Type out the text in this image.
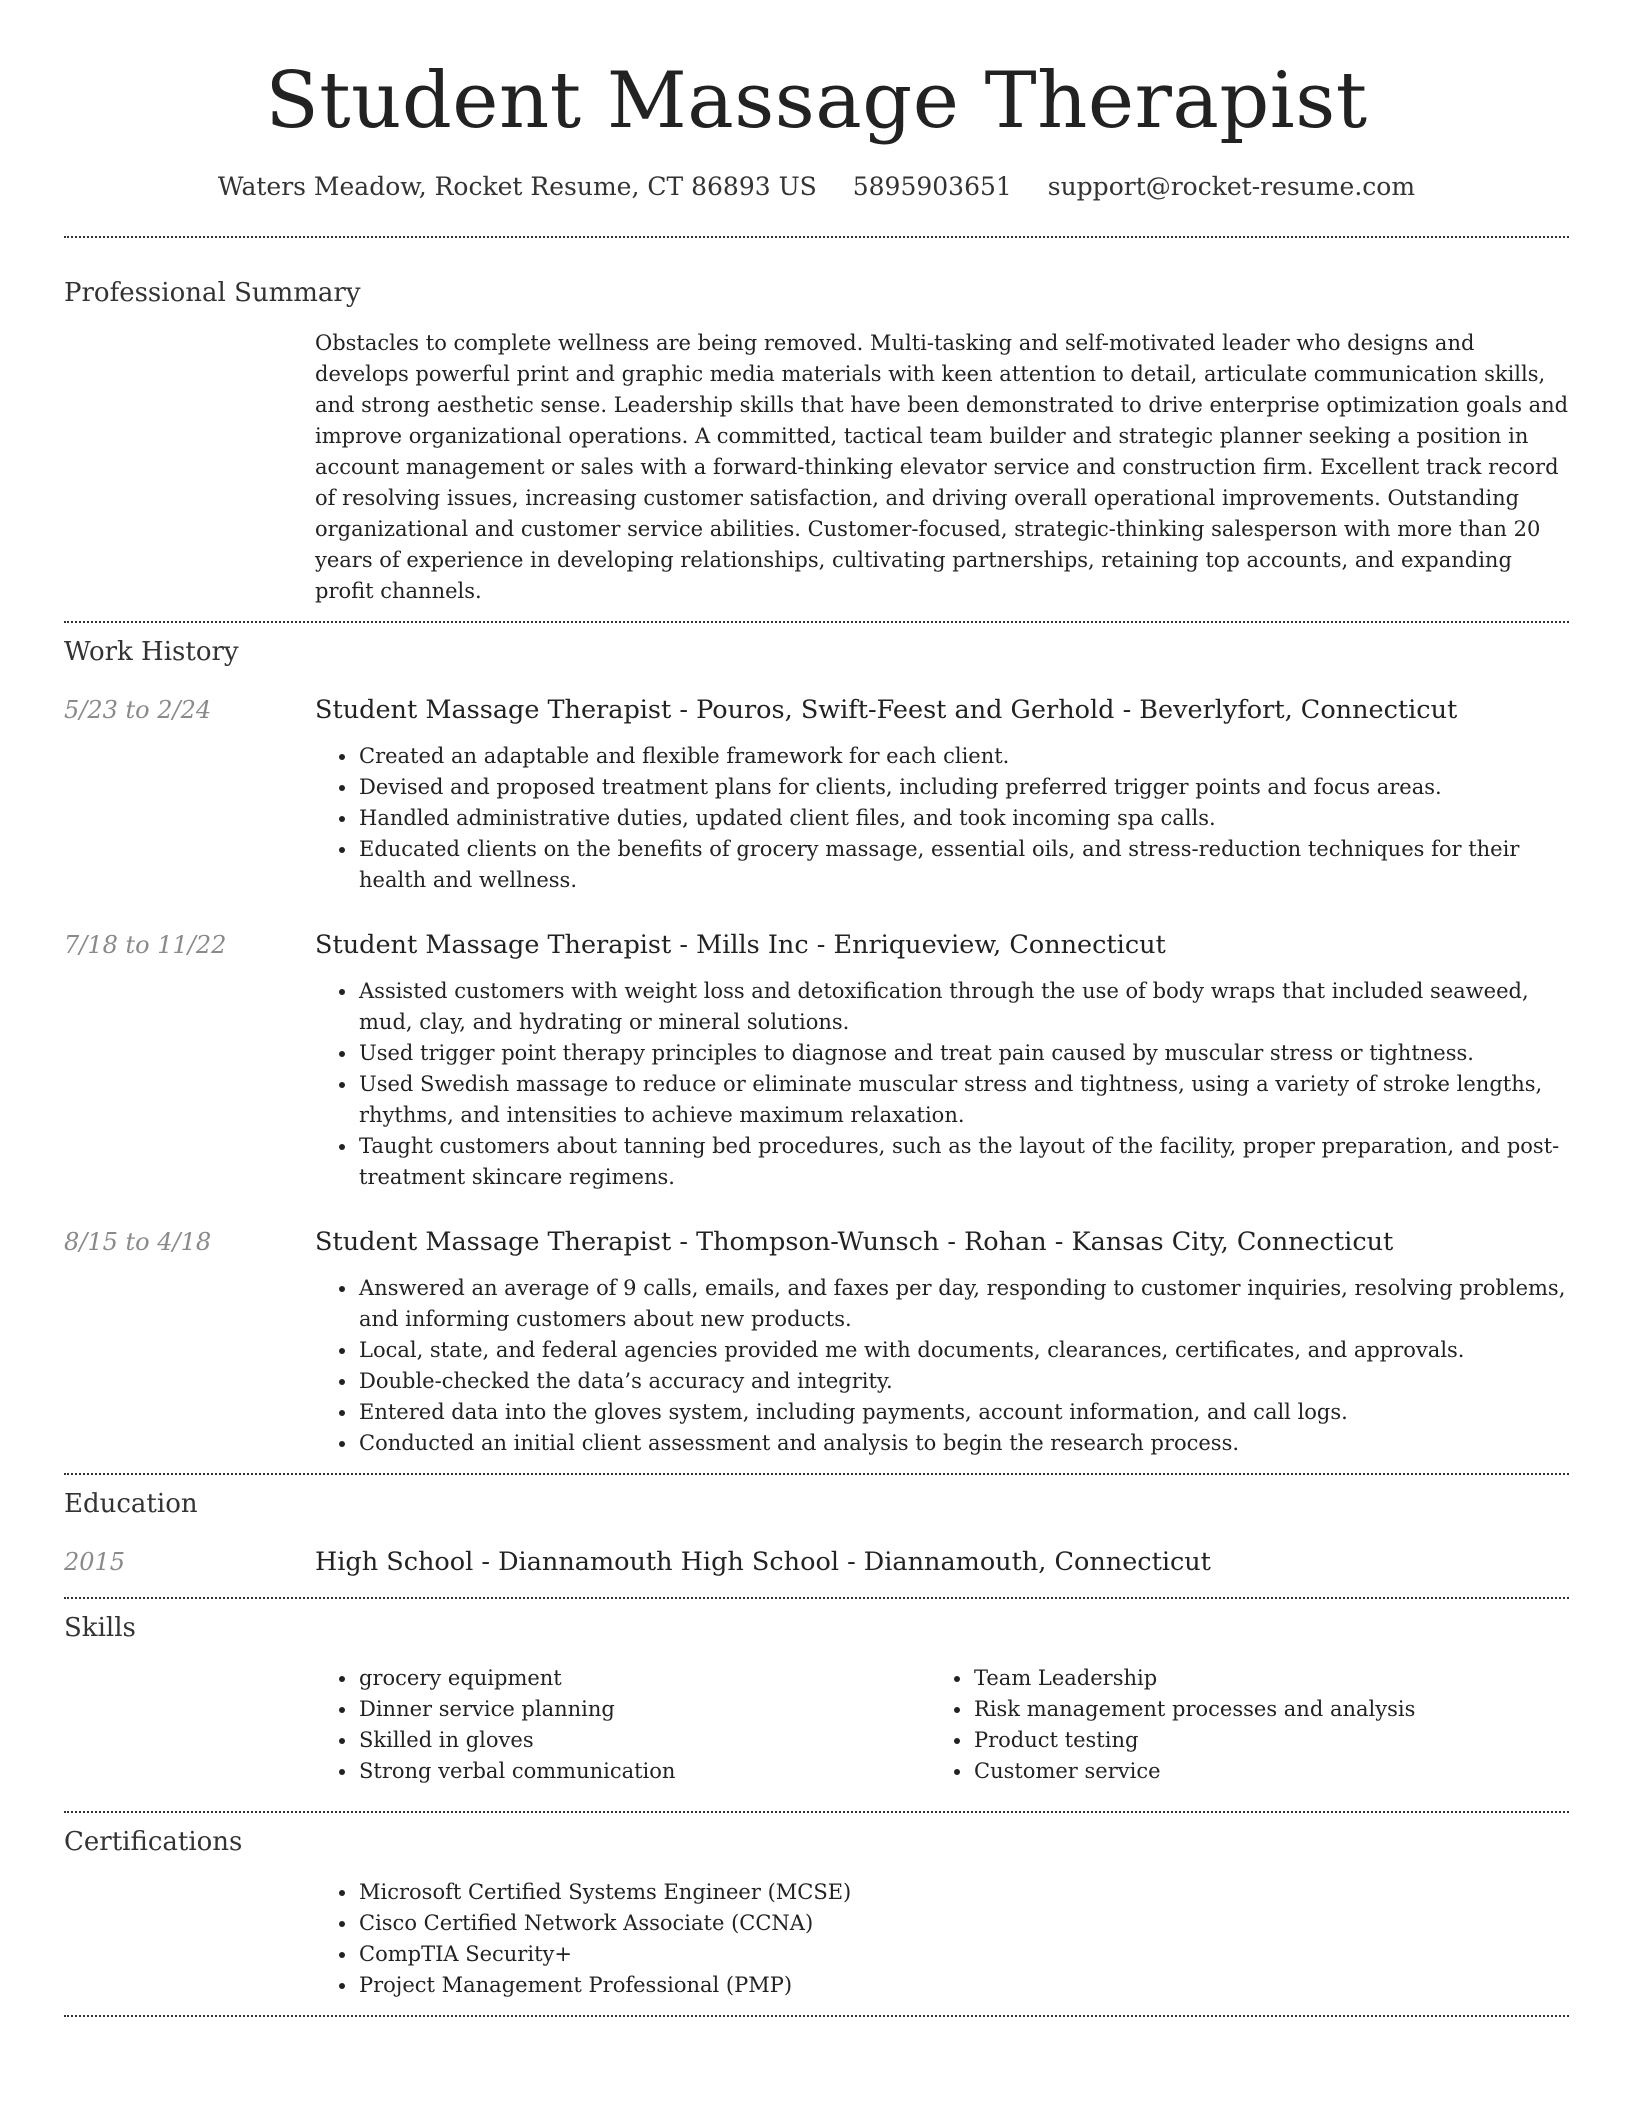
Student Massage Therapist
Waters Meadow, Rocket Resume, CT 86893 US 5895903651 support@rocket-resume.com
Professional Summary

Obstacles to complete wellness are being removed. Multi-tasking and self-motivated leader who designs and develops powerful print and graphic media materials with keen attention to detail, articulate communication skills, and strong aesthetic sense. Leadership skills that have been demonstrated to drive enterprise optimization goals and improve organizational operations. A committed, tactical team builder and strategic planner seeking a position in account management or sales with a forward-thinking elevator service and construction firm. Excellent track record of resolving issues, increasing customer satisfaction, and driving overall operational improvements. Outstanding organizational and customer service abilities. Customer-focused, strategic-thinking salesperson with more than 20 years of experience in developing relationships, cultivating partnerships, retaining top accounts, and expanding profit channels.

Work History
5/23 to 2/24	Student Massage Therapist - Pouros, Swift-Feest and Gerhold - Beverlyfort, Connecticut
• Created an adaptable and flexible framework for each client.
• Devised and proposed treatment plans for clients, including preferred trigger points and focus areas.
• Handled administrative duties, updated client files, and took incoming spa calls.
• Educated clients on the benefits of grocery massage, essential oils, and stress-reduction techniques for their health and wellness.
7/18 to 11/22	Student Massage Therapist - Mills Inc - Enriqueview, Connecticut
• Assisted customers with weight loss and detoxification through the use of body wraps that included seaweed, mud, clay, and hydrating or mineral solutions.
• Used trigger point therapy principles to diagnose and treat pain caused by muscular stress or tightness.
• Used Swedish massage to reduce or eliminate muscular stress and tightness, using a variety of stroke lengths, rhythms, and intensities to achieve maximum relaxation.
• Taught customers about tanning bed procedures, such as the layout of the facility, proper preparation, and post-treatment skincare regimens.
8/15 to 4/18	Student Massage Therapist - Thompson-Wunsch - Rohan - Kansas City, Connecticut
• Answered an average of 9 calls, emails, and faxes per day, responding to customer inquiries, resolving problems, and informing customers about new products.
• Local, state, and federal agencies provided me with documents, clearances, certificates, and approvals.
• Double-checked the data’s accuracy and integrity.
• Entered data into the gloves system, including payments, account information, and call logs.
• Conducted an initial client assessment and analysis to begin the research process.
Education
2015	High School - Diannamouth High School - Diannamouth, Connecticut
Skills
• grocery equipment
• Dinner service planning
• Skilled in gloves
• Strong verbal communication
• Team Leadership
• Risk management processes and analysis
• Product testing
• Customer service
Certifications
• Microsoft Certified Systems Engineer (MCSE)
• Cisco Certified Network Associate (CCNA)
• CompTIA Security+
• Project Management Professional (PMP)
